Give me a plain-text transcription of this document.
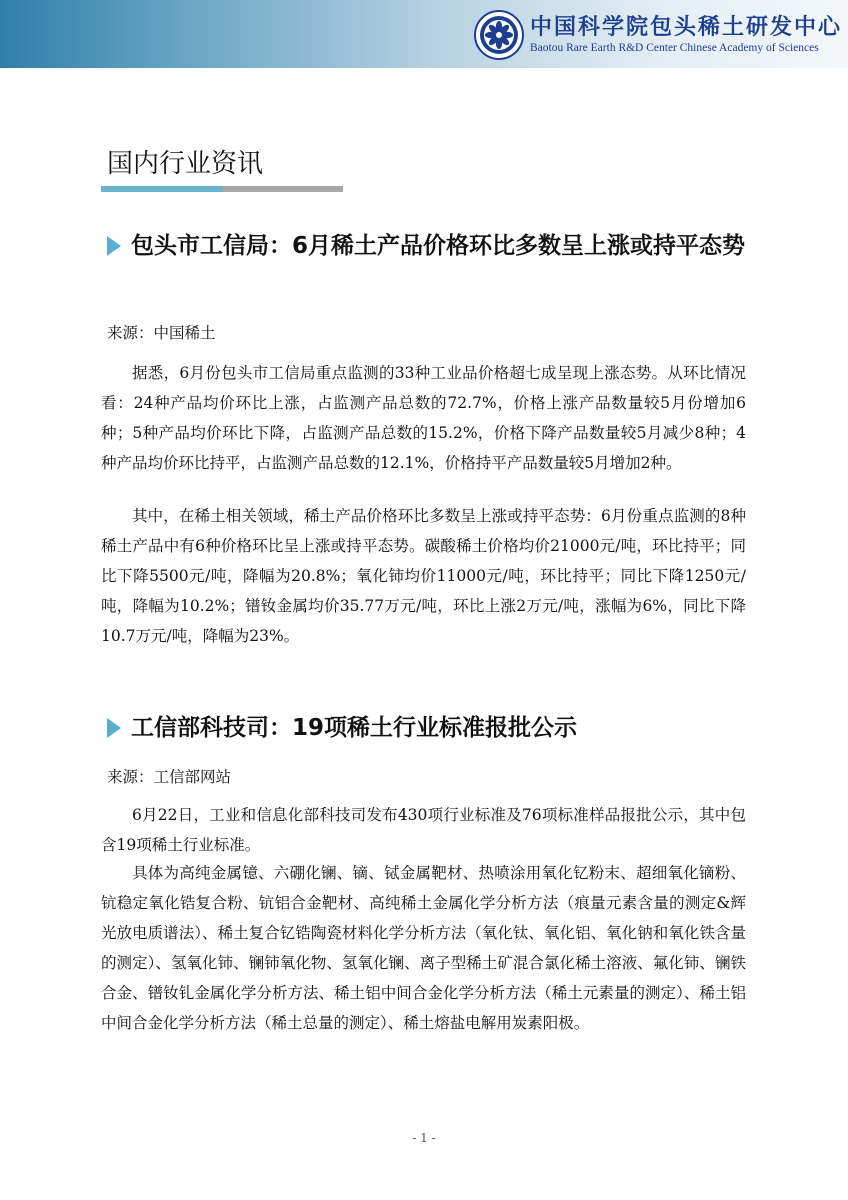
中国科学院包头稀土研发中心
Baotou Rare Earth R&D Center Chinese Academy of Sciences
国内行业资讯
包头市工信局：6月稀土产品价格环比多数呈上涨或持平态势
来源：中国稀土

据悉，6月份包头市工信局重点监测的33种工业品价格超七成呈现上涨态势。从环比情况看：24种产品均价环比上涨，占监测产品总数的72.7%，价格上涨产品数量较5月份增加6种；5种产品均价环比下降，占监测产品总数的15.2%，价格下降产品数量较5月减少8种；4种产品均价环比持平，占监测产品总数的12.1%，价格持平产品数量较5月增加2种。

其中，在稀土相关领域，稀土产品价格环比多数呈上涨或持平态势：6月份重点监测的8种稀土产品中有6种价格环比呈上涨或持平态势。碳酸稀土价格均价21000元/吨，环比持平；同比下降5500元/吨，降幅为20.8%；氧化铈均价11000元/吨，环比持平；同比下降1250元/吨，降幅为10.2%；镨钕金属均价35.77万元/吨，环比上涨2万元/吨，涨幅为6%，同比下降10.7万元/吨，降幅为23%。

工信部科技司：19项稀土行业标准报批公示
来源：工信部网站

6月22日，工业和信息化部科技司发布430项行业标准及76项标准样品报批公示，其中包含19项稀土行业标准。

具体为高纯金属镱、六硼化镧、镝、铽金属靶材、热喷涂用氧化钇粉末、超细氧化镝粉、钪稳定氧化锆复合粉、钪铝合金靶材、高纯稀土金属化学分析方法（痕量元素含量的测定&辉光放电质谱法）、稀土复合钇锆陶瓷材料化学分析方法（氧化钛、氧化铝、氧化钠和氧化铁含量的测定）、氢氧化铈、镧铈氧化物、氢氧化镧、离子型稀土矿混合氯化稀土溶液、氟化铈、镧铁合金、镨钕钆金属化学分析方法、稀土铝中间合金化学分析方法（稀土元素量的测定）、稀土铝中间合金化学分析方法（稀土总量的测定）、稀土熔盐电解用炭素阳极。

- 1 -
